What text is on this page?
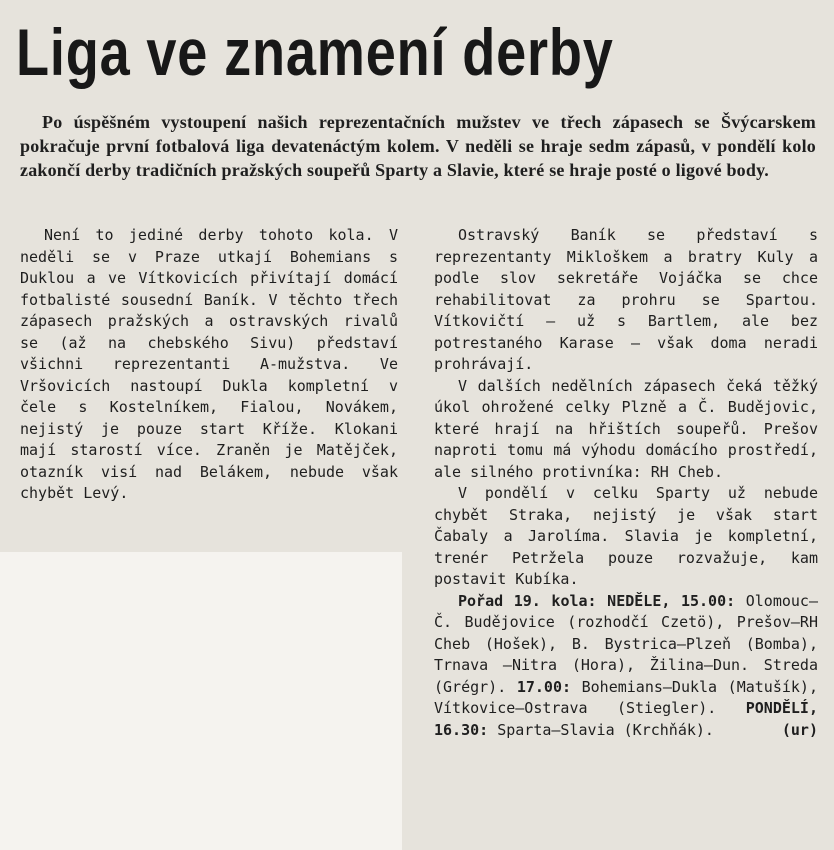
Liga ve znamení derby

Po úspěšném vystoupení našich reprezentačních mužstev ve třech zápasech se Švýcarskem pokračuje první fotbalová liga devatenáctým kolem. V neděli se hraje sedm zápasů, v pondělí kolo zakončí derby tradičních pražských soupeřů Sparty a Slavie, které se hraje posté o ligové body.

Není to jediné derby tohoto kola. V neděli se v Praze utkají Bohemians s Duklou a ve Vítkovicích přivítají domácí fotbalisté sousední Baník. V těchto třech zápasech pražských a ostravských rivalů se (až na chebského Sivu) představí všichni reprezentanti A-mužstva. Ve Vršovicích nastoupí Dukla kompletní v čele s Kostelníkem, Fialou, Novákem, nejistý je pouze start Kříže. Klokani mají starostí více. Zraněn je Matějček, otazník visí nad Belákem, nebude však chybět Levý.

Ostravský Baník se představí s reprezentanty Mikloškem a bratry Kuly a podle slov sekretáře Vojáčka se chce rehabilitovat za prohru se Spartou. Vítkovičtí — už s Bartlem, ale bez potrestaného Karase — však doma neradi prohrávají.

V dalších nedělních zápasech čeká těžký úkol ohrožené celky Plzně a Č. Budějovic, které hrají na hřištích soupeřů. Prešov naproti tomu má výhodu domácího prostředí, ale silného protivníka: RH Cheb.

V pondělí v celku Sparty už nebude chybět Straka, nejistý je však start Čabaly a Jarolíma. Slavia je kompletní, trenér Petržela pouze rozvažuje, kam postavit Kubíka.

Pořad 19. kola: NEDĚLE, 15.00: Olomouc—Č. Budějovice (rozhodčí Czetö), Prešov—RH Cheb (Hošek), B. Bystrica—Plzeň (Bomba), Trnava —Nitra (Hora), Žilina—Dun. Streda (Grégr). 17.00: Bohemians—Dukla (Matušík), Vítkovice—Ostrava (Stiegler). PONDĚLÍ, 16.30: Sparta—Slavia (Krchňák).	(ur)
